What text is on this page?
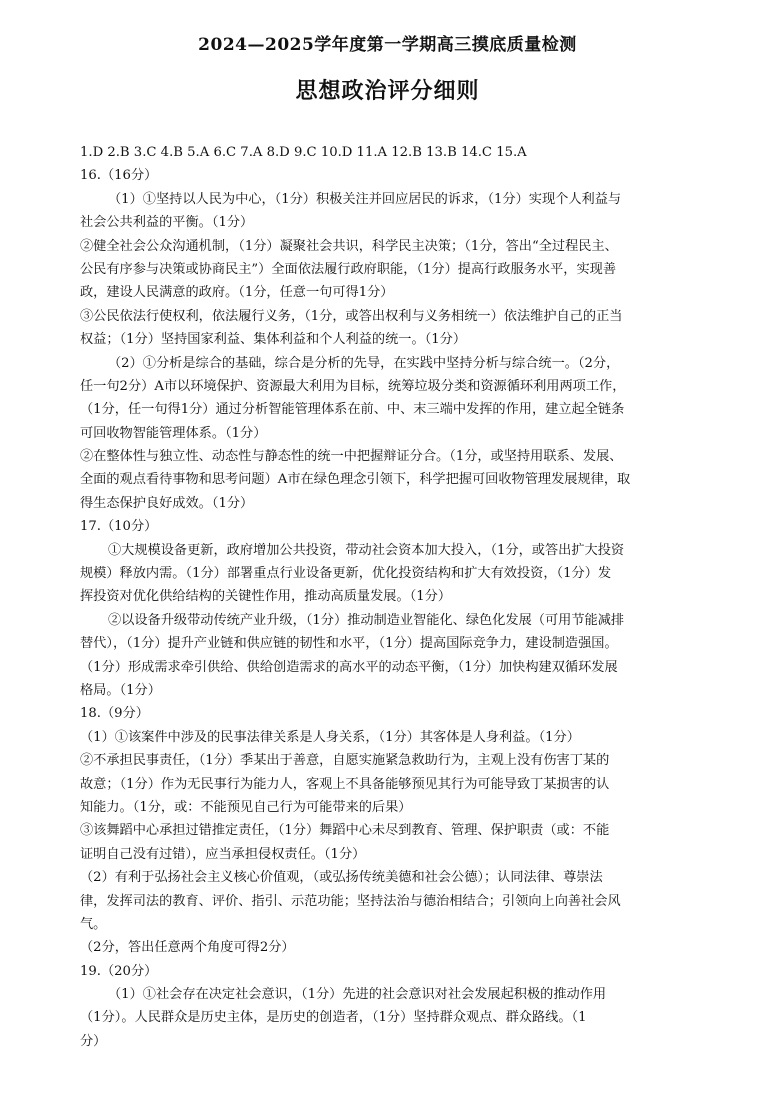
2024—2025学年度第一学期高三摸底质量检测
思想政治评分细则
1.D 2.B 3.C 4.B 5.A 6.C 7.A 8.D 9.C 10.D 11.A 12.B 13.B 14.C 15.A
16.（16分）
（1）①坚持以人民为中心，（1分）积极关注并回应居民的诉求，（1分）实现个人利益与
社会公共利益的平衡。（1分）
②健全社会公众沟通机制，（1分）凝聚社会共识，科学民主决策；（1分，答出“全过程民主、
公民有序参与决策或协商民主”）全面依法履行政府职能，（1分）提高行政服务水平，实现善
政，建设人民满意的政府。（1分，任意一句可得1分）
③公民依法行使权利，依法履行义务，（1分，或答出权利与义务相统一）依法维护自己的正当
权益；（1分）坚持国家利益、集体利益和个人利益的统一。（1分）
（2）①分析是综合的基础，综合是分析的先导，在实践中坚持分析与综合统一。（2分，
任一句2分）A市以环境保护、资源最大利用为目标，统筹垃圾分类和资源循环利用两项工作，
（1分，任一句得1分）通过分析智能管理体系在前、中、末三端中发挥的作用，建立起全链条
可回收物智能管理体系。（1分）
②在整体性与独立性、动态性与静态性的统一中把握辩证分合。（1分，或坚持用联系、发展、
全面的观点看待事物和思考问题）A市在绿色理念引领下，科学把握可回收物管理发展规律，取
得生态保护良好成效。（1分）
17.（10分）
①大规模设备更新，政府增加公共投资，带动社会资本加大投入，（1分，或答出扩大投资
规模）释放内需。（1分）部署重点行业设备更新，优化投资结构和扩大有效投资，（1分）发
挥投资对优化供给结构的关键性作用，推动高质量发展。（1分）
②以设备升级带动传统产业升级，（1分）推动制造业智能化、绿色化发展（可用节能减排
替代），（1分）提升产业链和供应链的韧性和水平，（1分）提高国际竞争力，建设制造强国。
（1分）形成需求牵引供给、供给创造需求的高水平的动态平衡，（1分）加快构建双循环发展
格局。（1分）
18.（9分）
（1）①该案件中涉及的民事法律关系是人身关系，（1分）其客体是人身利益。（1分）
②不承担民事责任，（1分）季某出于善意，自愿实施紧急救助行为，主观上没有伤害丁某的
故意；（1分）作为无民事行为能力人，客观上不具备能够预见其行为可能导致丁某损害的认
知能力。（1分，或：不能预见自己行为可能带来的后果）
③该舞蹈中心承担过错推定责任，（1分）舞蹈中心未尽到教育、管理、保护职责（或：不能
证明自己没有过错），应当承担侵权责任。（1分）
（2）有利于弘扬社会主义核心价值观，（或弘扬传统美德和社会公德）；认同法律、尊崇法
律，发挥司法的教育、评价、指引、示范功能；坚持法治与德治相结合；引领向上向善社会风
气。
（2分，答出任意两个角度可得2分）
19.（20分）
（1）①社会存在决定社会意识，（1分）先进的社会意识对社会发展起积极的推动作用
（1分）。人民群众是历史主体，是历史的创造者，（1分）坚持群众观点、群众路线。（1
分）
